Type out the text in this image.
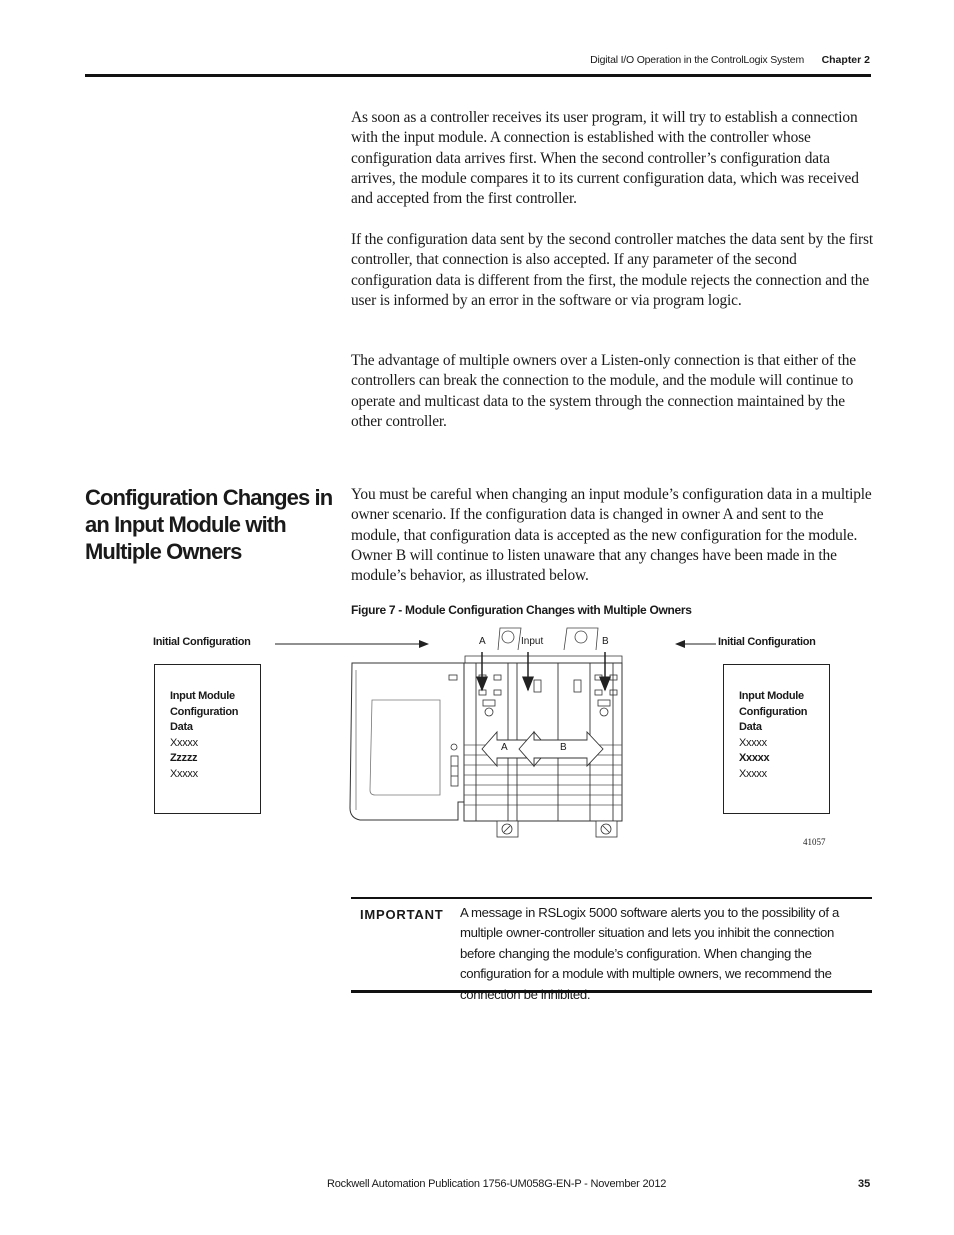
Digital I/O Operation in the ControlLogix System Chapter 2

As soon as a controller receives its user program, it will try to establish a connection with the input module. A connection is established with the controller whose configuration data arrives first. When the second controller’s configuration data arrives, the module compares it to its current configuration data, which was received and accepted from the first controller.

If the configuration data sent by the second controller matches the data sent by the first controller, that connection is also accepted. If any parameter of the second configuration data is different from the first, the module rejects the connection and the user is informed by an error in the software or via program logic.

The advantage of multiple owners over a Listen-only connection is that either of the controllers can break the connection to the module, and the module will continue to operate and multicast data to the system through the connection maintained by the other controller.

Configuration Changes in an Input Module with Multiple Owners

You must be careful when changing an input module’s configuration data in a multiple owner scenario. If the configuration data is changed in owner A and sent to the module, that configuration data is accepted as the new configuration for the module. Owner B will continue to listen unaware that any changes have been made in the module’s behavior, as illustrated below.

Figure 7 - Module Configuration Changes with Multiple Owners
Initial Configuration	Initial Configuration
Input Module
Configuration
Data
Xxxxx
Zzzzz
Xxxxx
Input Module
Configuration
Data
Xxxxx
Xxxxx
Xxxxx
A	Input	B
A	B
41057
IMPORTANT A message in RSLogix 5000 software alerts you to the possibility of a multiple owner-controller situation and lets you inhibit the connection before changing the module’s configuration. When changing the configuration for a module with multiple owners, we recommend the connection be inhibited.

Rockwell Automation Publication 1756-UM058G-EN-P - November 2012	35
